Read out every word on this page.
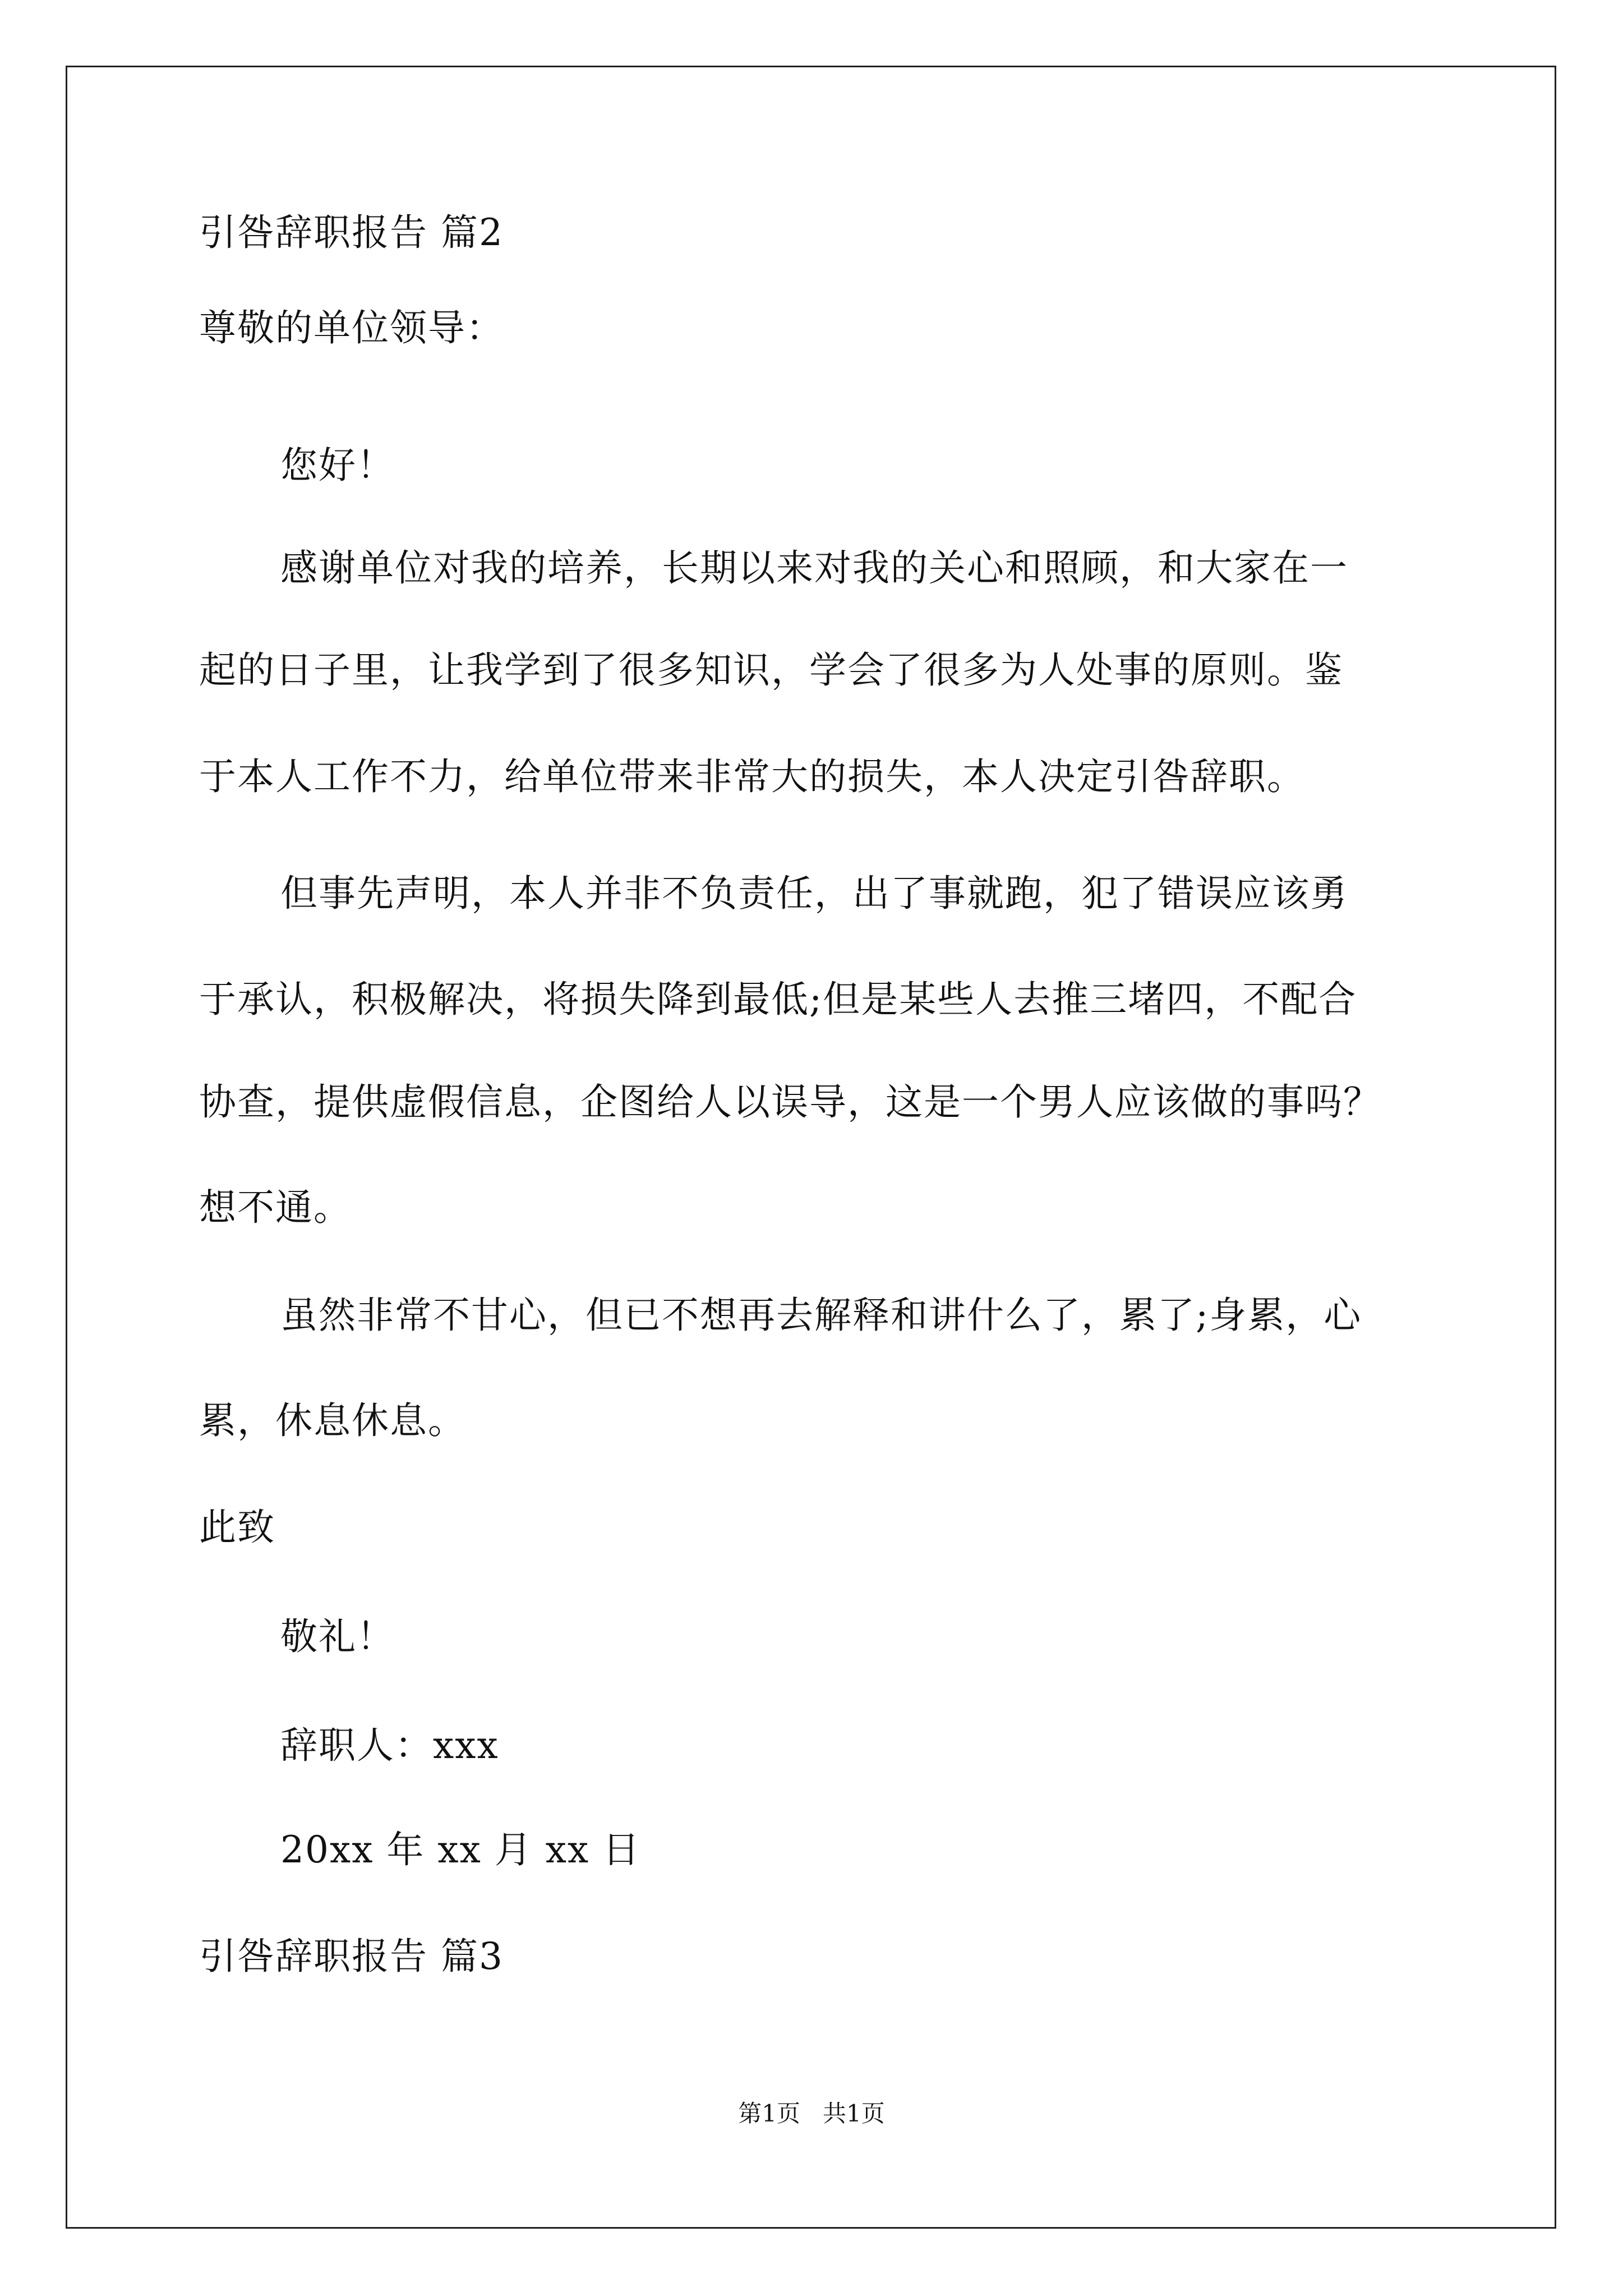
引咎辞职报告 篇2
尊敬的单位领导：
您好！
感谢单位对我的培养，长期以来对我的关心和照顾，和大家在一
起的日子里，让我学到了很多知识，学会了很多为人处事的原则。鉴
于本人工作不力，给单位带来非常大的损失，本人决定引咎辞职。
但事先声明，本人并非不负责任，出了事就跑，犯了错误应该勇
于承认，积极解决，将损失降到最低;但是某些人去推三堵四，不配合
协查，提供虚假信息，企图给人以误导，这是一个男人应该做的事吗？
想不通。
虽然非常不甘心，但已不想再去解释和讲什么了，累了;身累，心
累，休息休息。
此致
敬礼！
辞职人：xxx
20xx 年 xx 月 xx 日
引咎辞职报告 篇3
第1页   共1页
